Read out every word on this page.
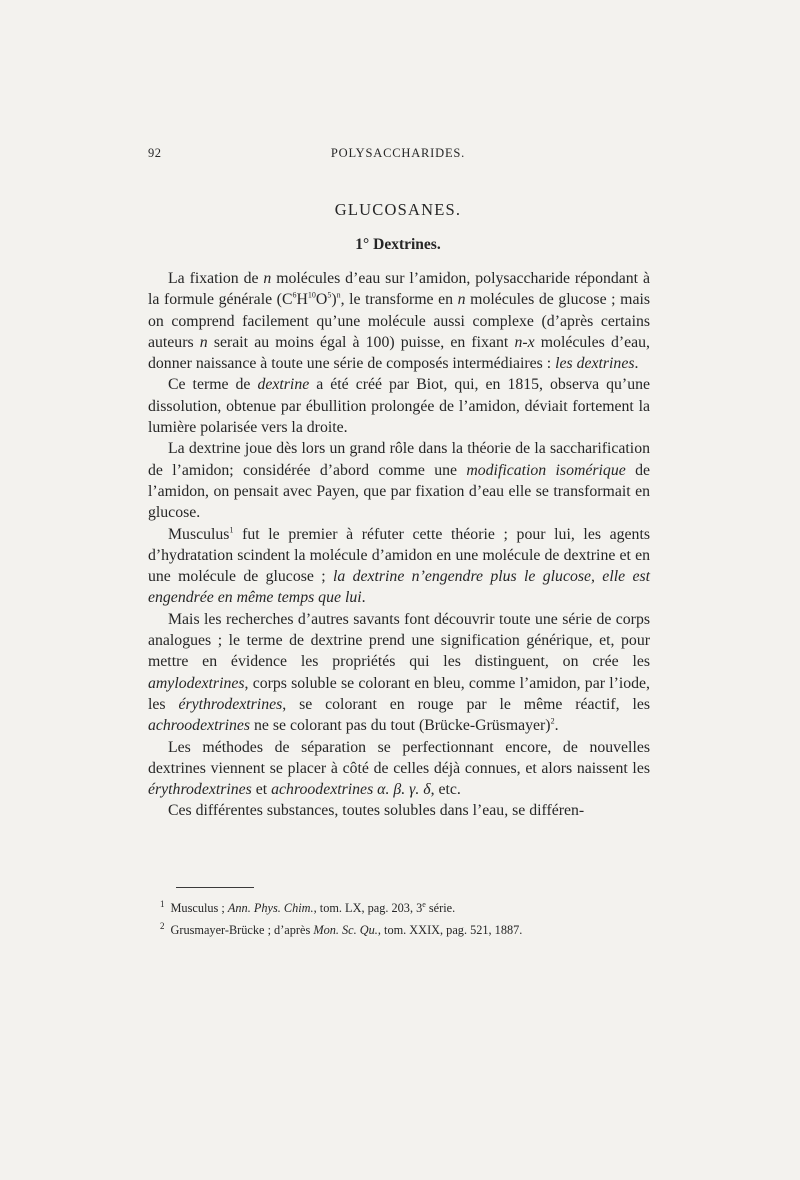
92	POLYSACCHARIDES.
GLUCOSANES.
1° Dextrines.

La fixation de n molécules d’eau sur l’amidon, polysaccharide répondant à la formule générale $(C^6H^{10}O^5)^n$, le transforme en n molécules de glucose ; mais on comprend facilement qu’une molécule aussi complexe (d’après certains auteurs n serait au moins égal à 100) puisse, en fixant n-x molécules d’eau, donner naissance à toute une série de composés intermédiaires : les dextrines.

Ce terme de dextrine a été créé par Biot, qui, en 1815, observa qu’une dissolution, obtenue par ébullition prolongée de l’amidon, déviait fortement la lumière polarisée vers la droite.

La dextrine joue dès lors un grand rôle dans la théorie de la saccharification de l’amidon; considérée d’abord comme une modification isomérique de l’amidon, on pensait avec Payen, que par fixation d’eau elle se transformait en glucose.

Musculus$^1$ fut le premier à réfuter cette théorie ; pour lui, les agents d’hydratation scindent la molécule d’amidon en une molécule de dextrine et en une molécule de glucose ; la dextrine n’engendre plus le glucose, elle est engendrée en même temps que lui.

Mais les recherches d’autres savants font découvrir toute une série de corps analogues ; le terme de dextrine prend une signification générique, et, pour mettre en évidence les propriétés qui les distinguent, on crée les amylodextrines, corps soluble se colorant en bleu, comme l’amidon, par l’iode, les érythrodextrines, se colorant en rouge par le même réactif, les achroodextrines ne se colorant pas du tout (Brücke-Grüsmayer)$^2$.

Les méthodes de séparation se perfectionnant encore, de nouvelles dextrines viennent se placer à côté de celles déjà connues, et alors naissent les érythrodextrines et achroodextrines α. β. γ. δ, etc.

Ces différentes substances, toutes solubles dans l’eau, se différen-

$^1$ Musculus ; Ann. Phys. Chim., tom. LX, pag. 203, 3e série.
$^2$ Grusmayer-Brücke ; d’après Mon. Sc. Qu., tom. XXIX, pag. 521, 1887.
